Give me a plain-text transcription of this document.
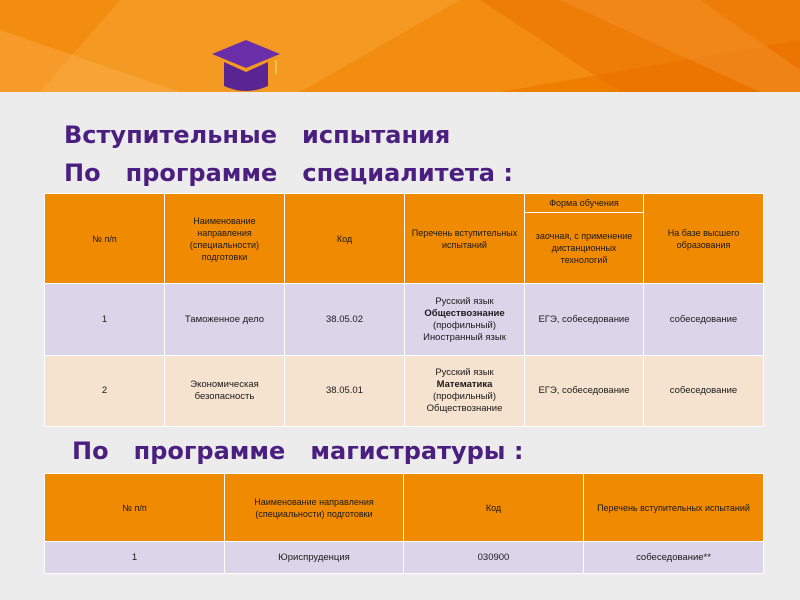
Вступительные   испытания
По   программе   специалитета :
По   программе   магистратуры :
№ п/п	Наименование направления (специальности) подготовки	Код	Перечень вступительных испытаний	Форма обучения	На базе высшего образования
				заочная, с применение дистанционных технологий	
1	Таможенное дело	38.05.02	Русский язык
Обществознание
(профильный)
Иностранный язык	ЕГЭ, собеседование	собеседование
2	Экономическая безопасность	38.05.01	Русский язык
Математика
(профильный)
Обществознание	ЕГЭ, собеседование	собеседование
№ п/п	Наименование направления (специальности) подготовки	Код	Перечень вступительных испытаний
1	Юриспруденция	030900	собеседование**
